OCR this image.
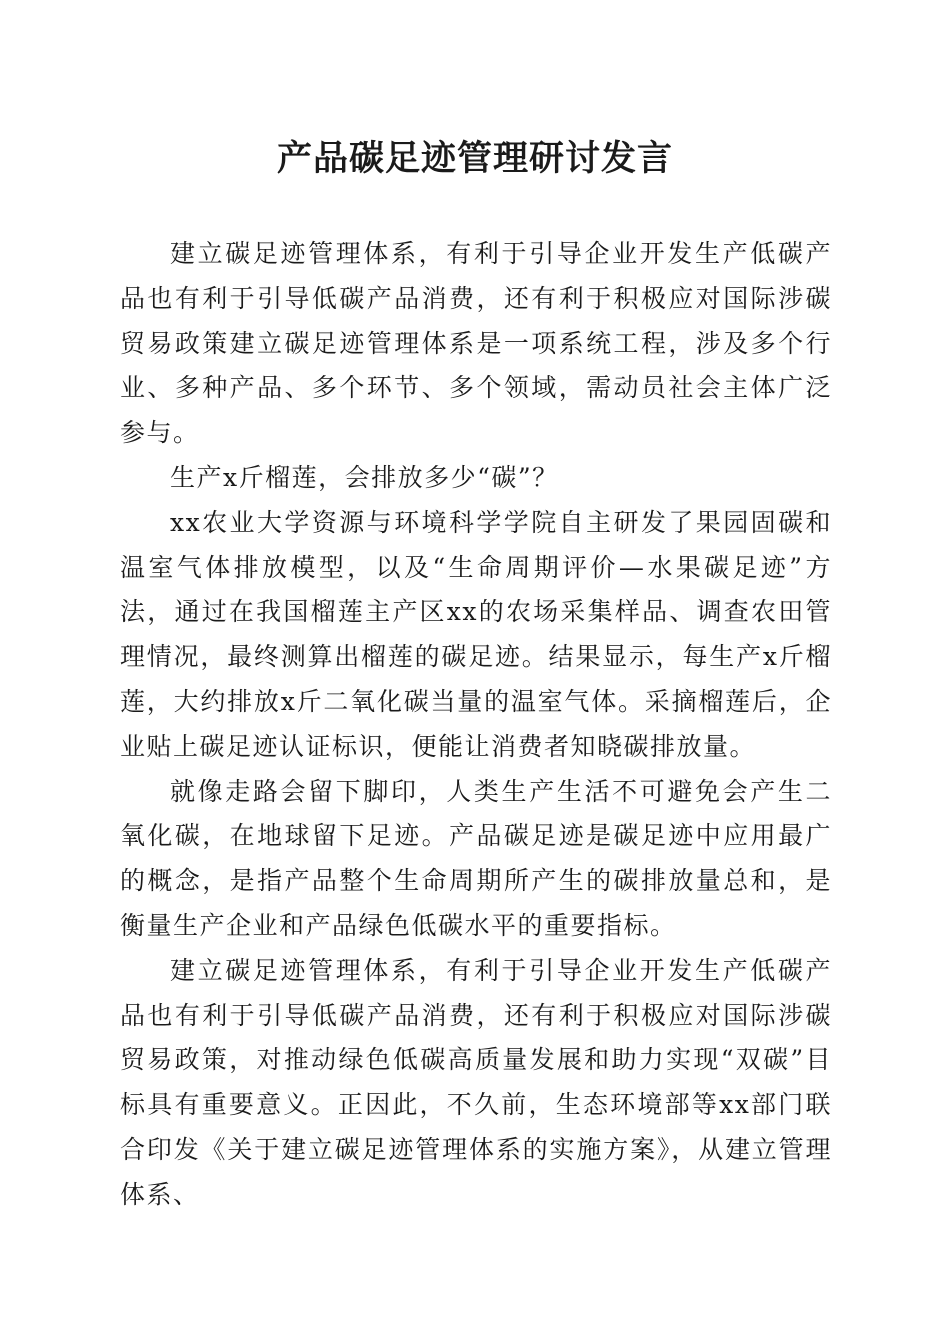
产品碳足迹管理研讨发言

建立碳足迹管理体系，有利于引导企业开发生产低碳产品也有利于引导低碳产品消费，还有利于积极应对国际涉碳贸易政策建立碳足迹管理体系是一项系统工程，涉及多个行业、多种产品、多个环节、多个领域，需动员社会主体广泛参与。

生产x斤榴莲，会排放多少“碳”？

xx农业大学资源与环境科学学院自主研发了果园固碳和温室气体排放模型，以及“生命周期评价—水果碳足迹”方法，通过在我国榴莲主产区xx的农场采集样品、调查农田管理情况，最终测算出榴莲的碳足迹。结果显示，每生产x斤榴莲，大约排放x斤二氧化碳当量的温室气体。采摘榴莲后，企业贴上碳足迹认证标识，便能让消费者知晓碳排放量。

就像走路会留下脚印，人类生产生活不可避免会产生二氧化碳，在地球留下足迹。产品碳足迹是碳足迹中应用最广的概念，是指产品整个生命周期所产生的碳排放量总和，是衡量生产企业和产品绿色低碳水平的重要指标。

建立碳足迹管理体系，有利于引导企业开发生产低碳产品也有利于引导低碳产品消费，还有利于积极应对国际涉碳贸易政策，对推动绿色低碳高质量发展和助力实现“双碳”目标具有重要意义。正因此，不久前，生态环境部等xx部门联合印发《关于建立碳足迹管理体系的实施方案》，从建立管理体系、
